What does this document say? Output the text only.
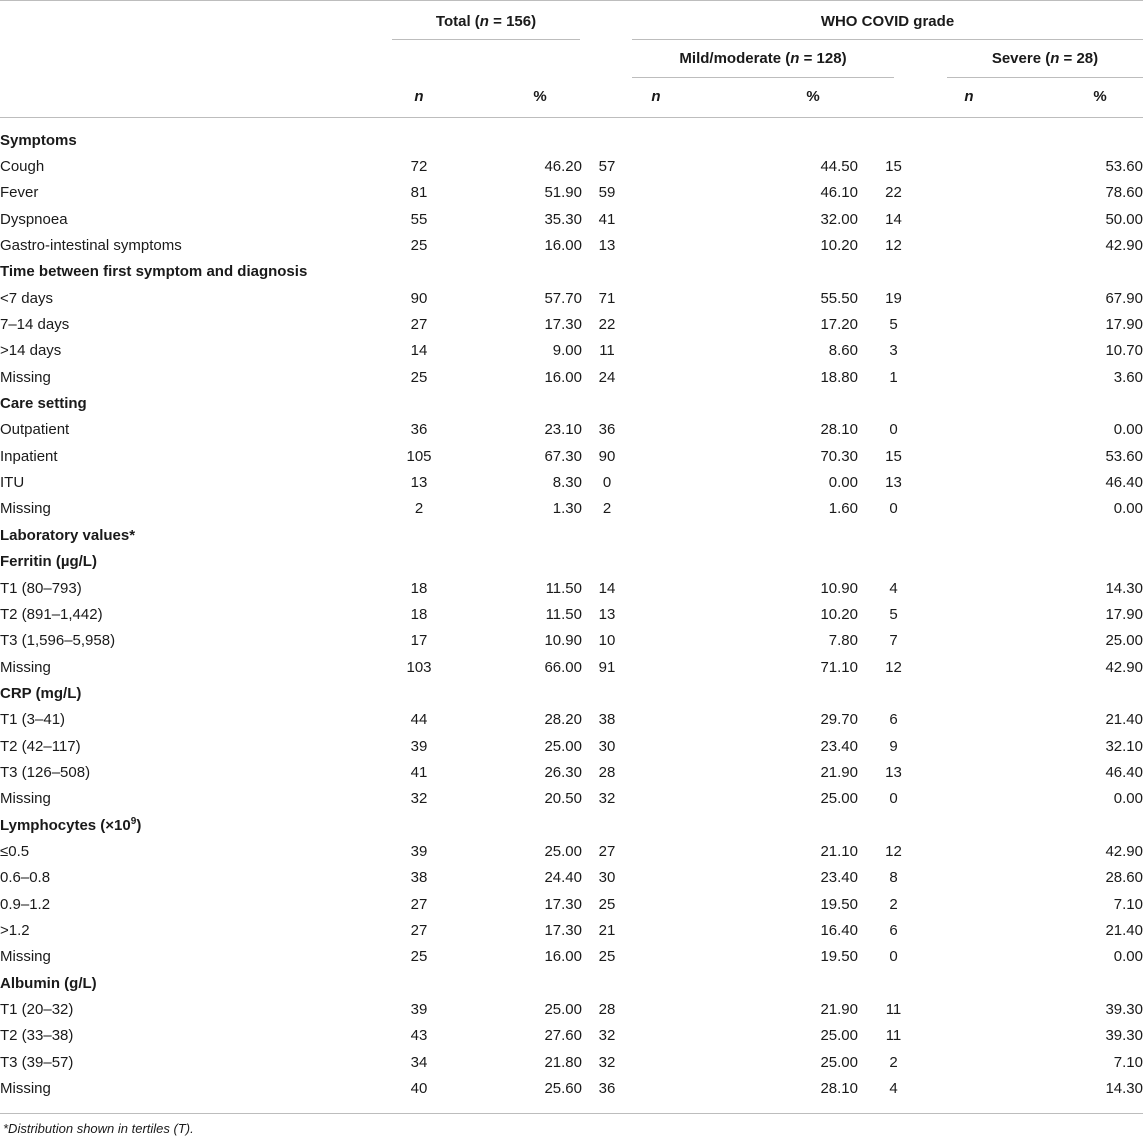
Total (n = 156)	WHO COVID grade
Mild/moderate (n = 128)	Severe (n = 28)
n	%	n	%	n	%
Symptoms						
Cough	72	46.20	57	44.50	15	53.60
Fever	81	51.90	59	46.10	22	78.60
Dyspnoea	55	35.30	41	32.00	14	50.00
Gastro-intestinal symptoms	25	16.00	13	10.20	12	42.90
Time between first symptom and diagnosis						
<7 days	90	57.70	71	55.50	19	67.90
7–14 days	27	17.30	22	17.20	5	17.90
>14 days	14	9.00	11	8.60	3	10.70
Missing	25	16.00	24	18.80	1	3.60
Care setting						
Outpatient	36	23.10	36	28.10	0	0.00
Inpatient	105	67.30	90	70.30	15	53.60
ITU	13	8.30	0	0.00	13	46.40
Missing	2	1.30	2	1.60	0	0.00
Laboratory values*						
Ferritin (µg/L)						
T1 (80–793)	18	11.50	14	10.90	4	14.30
T2 (891–1,442)	18	11.50	13	10.20	5	17.90
T3 (1,596–5,958)	17	10.90	10	7.80	7	25.00
Missing	103	66.00	91	71.10	12	42.90
CRP (mg/L)						
T1 (3–41)	44	28.20	38	29.70	6	21.40
T2 (42–117)	39	25.00	30	23.40	9	32.10
T3 (126–508)	41	26.30	28	21.90	13	46.40
Missing	32	20.50	32	25.00	0	0.00
Lymphocytes $(\times 10^9)$						
≤0.5	39	25.00	27	21.10	12	42.90
0.6–0.8	38	24.40	30	23.40	8	28.60
0.9–1.2	27	17.30	25	19.50	2	7.10
>1.2	27	17.30	21	16.40	6	21.40
Missing	25	16.00	25	19.50	0	0.00
Albumin (g/L)						
T1 (20–32)	39	25.00	28	21.90	11	39.30
T2 (33–38)	43	27.60	32	25.00	11	39.30
T3 (39–57)	34	21.80	32	25.00	2	7.10
Missing	40	25.60	36	28.10	4	14.30
*Distribution shown in tertiles (T).
